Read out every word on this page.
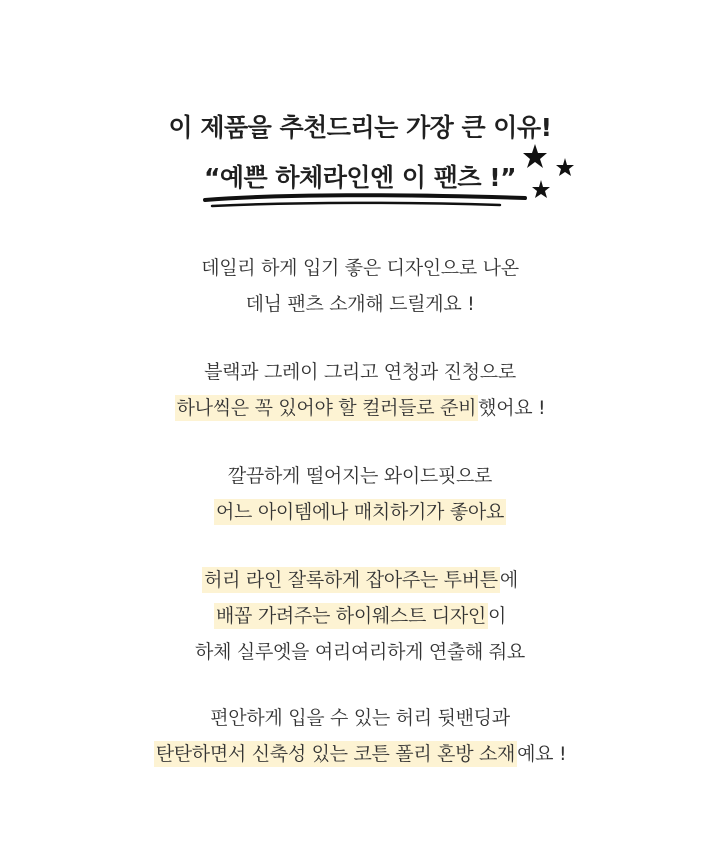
이 제품을 추천드리는 가장 큰 이유!
“예쁜 하체라인엔 이 팬츠 !”
데일리 하게 입기 좋은 디자인으로 나온
데님 팬츠 소개해 드릴게요 !
블랙과 그레이 그리고 연청과 진청으로
하나씩은 꼭 있어야 할 컬러들로 준비 했어요 !
깔끔하게 떨어지는 와이드핏으로
어느 아이템에나 매치하기가 좋아요
허리 라인 잘록하게 잡아주는 투버튼 에
배꼽 가려주는 하이웨스트 디자인 이
하체 실루엣을 여리여리하게 연출해 줘요
편안하게 입을 수 있는 허리 뒷밴딩과
탄탄하면서 신축성 있는 코튼 폴리 혼방 소재 예요 !
